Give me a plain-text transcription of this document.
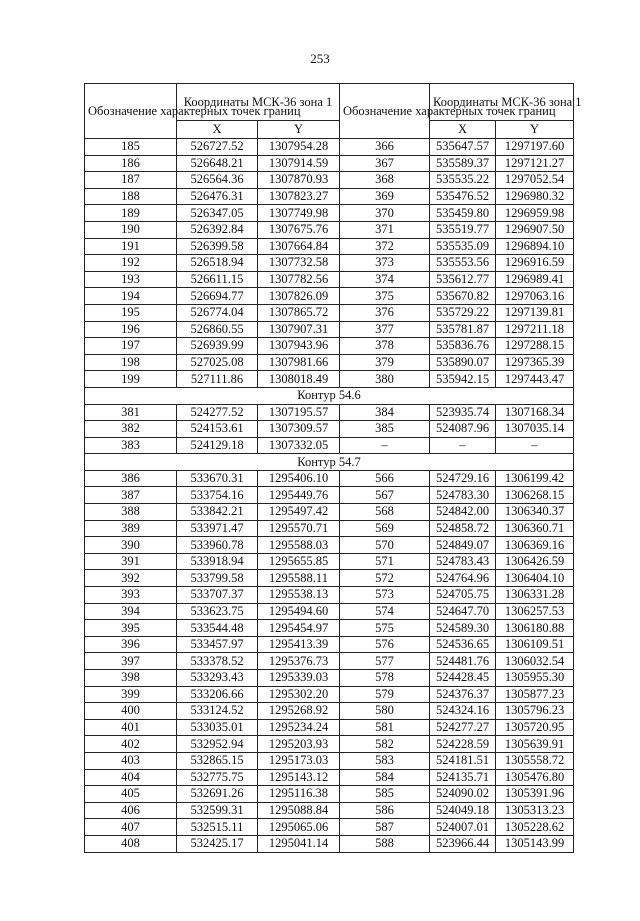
253
Обозначение характерных точек границ	Координаты МСК-36 зона 1		Обозначение характерных точек границ	Координаты МСК-36 зона 1	
	X	Y		X	Y
185	526727.52	1307954.28	366	535647.57	1297197.60
186	526648.21	1307914.59	367	535589.37	1297121.27
187	526564.36	1307870.93	368	535535.22	1297052.54
188	526476.31	1307823.27	369	535476.52	1296980.32
189	526347.05	1307749.98	370	535459.80	1296959.98
190	526392.84	1307675.76	371	535519.77	1296907.50
191	526399.58	1307664.84	372	535535.09	1296894.10
192	526518.94	1307732.58	373	535553.56	1296916.59
193	526611.15	1307782.56	374	535612.77	1296989.41
194	526694.77	1307826.09	375	535670.82	1297063.16
195	526774.04	1307865.72	376	535729.22	1297139.81
196	526860.55	1307907.31	377	535781.87	1297211.18
197	526939.99	1307943.96	378	535836.76	1297288.15
198	527025.08	1307981.66	379	535890.07	1297365.39
199	527111.86	1308018.49	380	535942.15	1297443.47
Контур 54.6					
381	524277.52	1307195.57	384	523935.74	1307168.34
382	524153.61	1307309.57	385	524087.96	1307035.14
383	524129.18	1307332.05	–	–	–
Контур 54.7					
386	533670.31	1295406.10	566	524729.16	1306199.42
387	533754.16	1295449.76	567	524783.30	1306268.15
388	533842.21	1295497.42	568	524842.00	1306340.37
389	533971.47	1295570.71	569	524858.72	1306360.71
390	533960.78	1295588.03	570	524849.07	1306369.16
391	533918.94	1295655.85	571	524783.43	1306426.59
392	533799.58	1295588.11	572	524764.96	1306404.10
393	533707.37	1295538.13	573	524705.75	1306331.28
394	533623.75	1295494.60	574	524647.70	1306257.53
395	533544.48	1295454.97	575	524589.30	1306180.88
396	533457.97	1295413.39	576	524536.65	1306109.51
397	533378.52	1295376.73	577	524481.76	1306032.54
398	533293.43	1295339.03	578	524428.45	1305955.30
399	533206.66	1295302.20	579	524376.37	1305877.23
400	533124.52	1295268.92	580	524324.16	1305796.23
401	533035.01	1295234.24	581	524277.27	1305720.95
402	532952.94	1295203.93	582	524228.59	1305639.91
403	532865.15	1295173.03	583	524181.51	1305558.72
404	532775.75	1295143.12	584	524135.71	1305476.80
405	532691.26	1295116.38	585	524090.02	1305391.96
406	532599.31	1295088.84	586	524049.18	1305313.23
407	532515.11	1295065.06	587	524007.01	1305228.62
408	532425.17	1295041.14	588	523966.44	1305143.99
